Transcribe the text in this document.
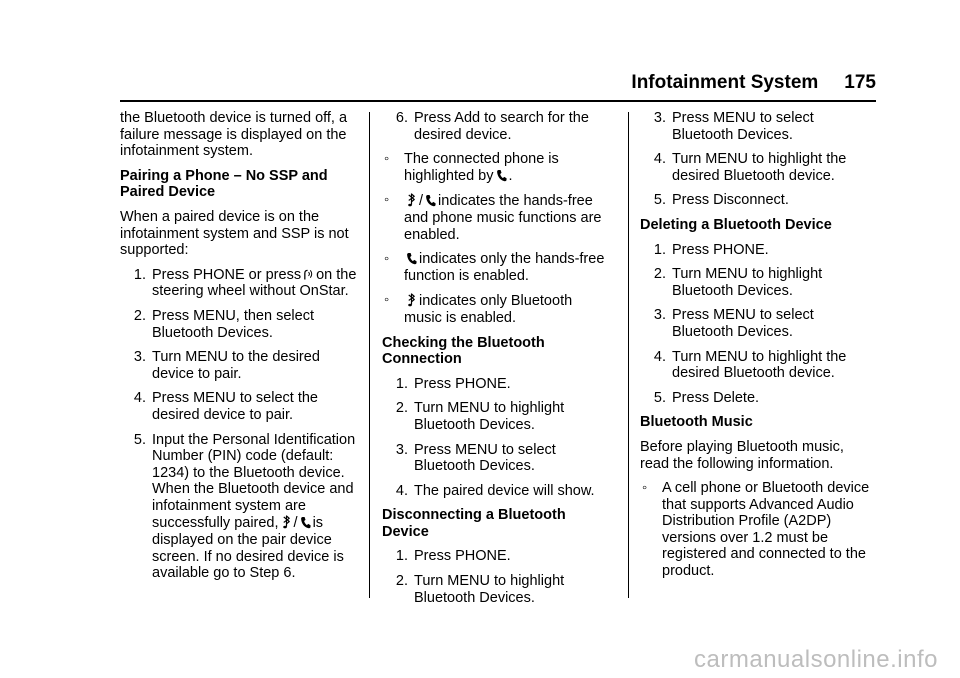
Infotainment System 175

the Bluetooth device is turned off, a failure message is displayed on the infotainment system.

Pairing a Phone – No SSP and Paired Device

When a paired device is on the infotainment system and SSP is not supported:

1. Press PHONE or press on the steering wheel without OnStar.
2. Press MENU, then select Bluetooth Devices.
3. Turn MENU to the desired device to pair.
4. Press MENU to select the desired device to pair.
5. Input the Personal Identification Number (PIN) code (default: 1234) to the Bluetooth device. When the Bluetooth device and infotainment system are successfully paired, / is displayed on the pair device screen. If no desired device is available go to Step 6.
6. Press Add to search for the desired device.
◦	The connected phone is highlighted by .
◦	/ indicates the hands-free and phone music functions are enabled.
◦	indicates only the hands-free function is enabled.
◦	indicates only Bluetooth music is enabled.
Checking the Bluetooth Connection
1. Press PHONE.
2. Turn MENU to highlight Bluetooth Devices.
3. Press MENU to select Bluetooth Devices.
4. The paired device will show.
Disconnecting a Bluetooth Device
1. Press PHONE.
2. Turn MENU to highlight Bluetooth Devices.
3. Press MENU to select Bluetooth Devices.
4. Turn MENU to highlight the desired Bluetooth device.
5. Press Disconnect.
Deleting a Bluetooth Device
1. Press PHONE.
2. Turn MENU to highlight Bluetooth Devices.
3. Press MENU to select Bluetooth Devices.
4. Turn MENU to highlight the desired Bluetooth device.
5. Press Delete.
Bluetooth Music

Before playing Bluetooth music, read the following information.

◦	A cell phone or Bluetooth device that supports Advanced Audio Distribution Profile (A2DP) versions over 1.2 must be registered and connected to the product.
carmanualsonline.info
